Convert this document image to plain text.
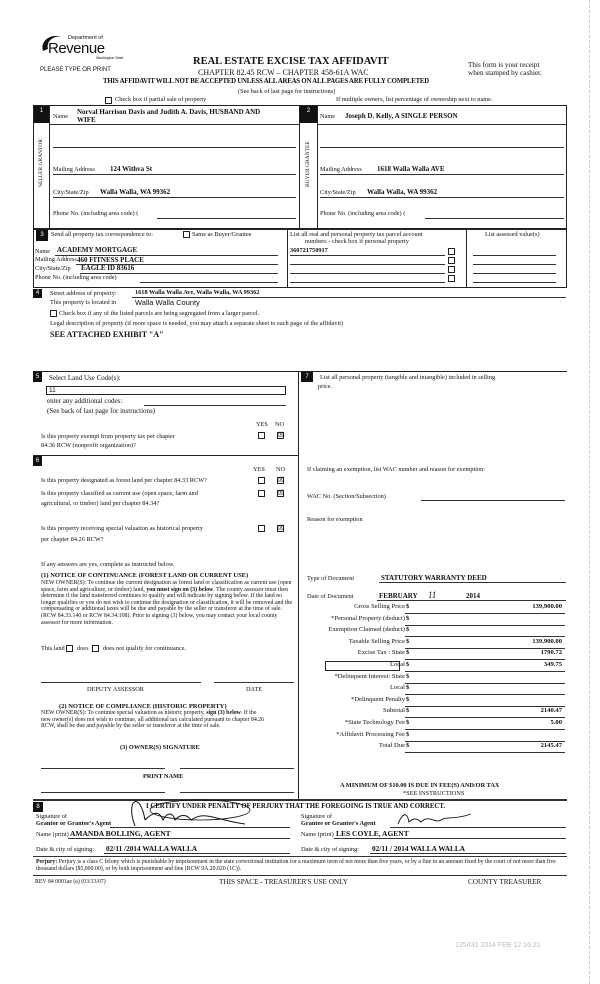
Department of
Revenue
Washington State
PLEASE TYPE OR PRINT
REAL ESTATE EXCISE TAX AFFIDAVIT
CHAPTER 82.45 RCW – CHAPTER 458-61A WAC
THIS AFFIDAVIT WILL NOT BE ACCEPTED UNLESS ALL AREAS ON ALL PAGES ARE FULLY COMPLETED
(See back of last page for instructions)
This form is your receipt
when stamped by cashier.
Check box if partial sale of property	If multiple owners, list percentage of ownership next to name.
1	2
SELLER GRANTOR	BUYER GRANTEE
Name
Norval Harrison Davis and Judith A. Davis, HUSBAND AND
WIFE
Mailing Address 124 Withva St
City/State/Zip Walla Walla, WA 99362
Phone No. (including area code) (
Name Joseph D. Kelly, A SINGLE PERSON
Mailing Address 1618 Walla Walla AVE
City/State/Zip Walla Walla, WA 99362
Phone No. (including area code) (
3	Send all property tax correspondence to:	Same as Buyer/Grantee
Name ACADEMY MORTGAGE
Mailing Address 460 FITNESS PLACE
City/State/Zip EAGLE ID 83616
Phone No. (including area code)
List all real and personal property tax parcel account
numbers - check box if personal property
360721750917
List assessed value(s)
4	Street address of property:	1618 Walla Walla Ave, Walla Walla, WA 99362
This property is located in	Walla Walla County
Check box if any of the listed parcels are being segregated from a larger parcel.
Legal description of property (if more space is needed, you may attach a separate sheet to each page of the affidavit)
SEE ATTACHED EXHIBIT "A"
5	Select Land Use Code(s):
11
enter any additional codes:
(See back of last page for instructions)
YES NO
Is this property exempt from property tax per chapter
84.36 RCW (nonprofit organization)?
☒
6
YES NO
Is this property designated as forest land per chapter 84.33 RCW?	☒
Is this property classified as current use (open space, farm and
agricultural, or timber) land per chapter 84.34?
☒
Is this property receiving special valuation as historical property
per chapter 84.26 RCW?
☒
If any answers are yes, complete as instructed below.
(1) NOTICE OF CONTINUANCE (FOREST LAND OR CURRENT USE)
NEW OWNER(S): To continue the current designation as forest land or classification as current use (open space, farm and agriculture, or timber) land, you must sign on (3) below. The county assessor must then determine if the land transferred continues to qualify and will indicate by signing below. If the land no longer qualifies or you do not wish to continue the designation or classification, it will be removed and the compensating or additional taxes will be due and payable by the seller or transferor at the time of sale. (RCW 84.33.140 or RCW 84.34.108). Prior to signing (3) below, you may contact your local county assessor for more information.
This land does does not qualify for continuance.
DEPUTY ASSESSOR	DATE
(2) NOTICE OF COMPLIANCE (HISTORIC PROPERTY)
NEW OWNER(S): To continue special valuation as historic property, sign (3) below. If the new owner(s) does not wish to continue, all additional tax calculated pursuant to chapter 84.26 RCW, shall be due and payable by the seller or transferor at the time of sale.
(3) OWNER(S) SIGNATURE
PRINT NAME
7	List all personal property (tangible and intangible) included in selling
price.
If claiming an exemption, list WAC number and reason for exemption:
WAC No. (Section/Subsection)
Reason for exemption
Type of Document	STATUTORY WARRANTY DEED
Date of Document	FEBRUARY 11	2014
Gross Selling Price $	139,900.00
*Personal Property (deduct) $
Exemption Claimed (deduct) $
Taxable Selling Price $	139,900.00
Excise Tax : State $	1790.72
Local $	349.75
*Delinquent Interest: State $
Local $
*Delinquent Penalty $
Subtotal $	2140.47
*State Technology Fee $	5.00
*Affidavit Processing Fee $
Total Due $	2145.47
A MINIMUM OF $10.00 IS DUE IN FEE(S) AND/OR TAX
*SEE INSTRUCTIONS
8	I CERTIFY UNDER PENALTY OF PERJURY THAT THE FOREGOING IS TRUE AND CORRECT.
Signature of
Grantor or Grantor's Agent
Signature of
Grantee or Grantee's Agent
Name (print) AMANDA BOLLING, AGENT	Name (print) LES COYLE, AGENT
Date & city of signing: 02/11 /2014 WALLA WALLA	Date & city of signing: 02/11 / 2014 WALLA WALLA
Perjury: Perjury is a class C felony which is punishable by imprisonment in the state correctional institution for a maximum term of not more than five years, or by a fine in an amount fixed by the court of not more than five thousand dollars ($5,000.00), or by both imprisonment and fine (RCW 9A.20.020 (1C)).
REV 84 0001ae (a) (03/13/07)	THIS SPACE - TREASURER'S USE ONLY	COUNTY TREASURER
125431 2014 FEB 12 16:21
